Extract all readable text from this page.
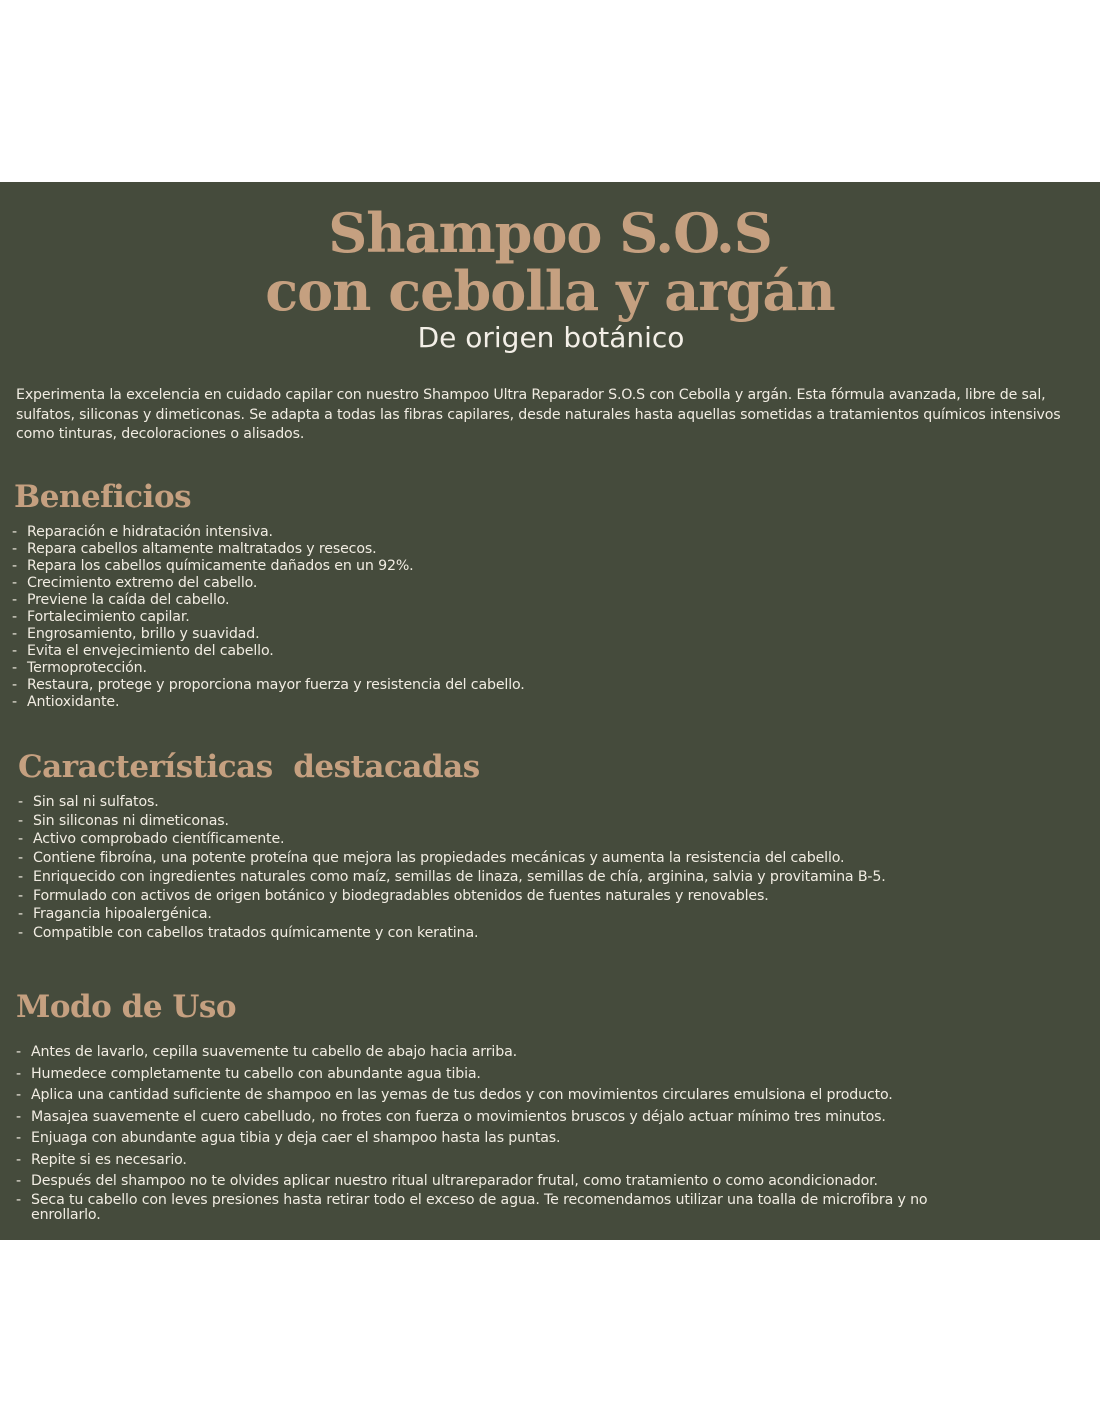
Shampoo S.O.S
con cebolla y argán
De origen botánico

Experimenta la excelencia en cuidado capilar con nuestro Shampoo Ultra Reparador S.O.S con Cebolla y argán. Esta fórmula avanzada, libre de sal, sulfatos, siliconas y dimeticonas. Se adapta a todas las fibras capilares, desde naturales hasta aquellas sometidas a tratamientos químicos intensivos como tinturas, decoloraciones o alisados.

Beneficios
- Reparación e hidratación intensiva.
- Repara cabellos altamente maltratados y resecos.
- Repara los cabellos químicamente dañados en un 92%.
- Crecimiento extremo del cabello.
- Previene la caída del cabello.
- Fortalecimiento capilar.
- Engrosamiento, brillo y suavidad.
- Evita el envejecimiento del cabello.
- Termoprotección.
- Restaura, protege y proporciona mayor fuerza y resistencia del cabello.
- Antioxidante.
Características  destacadas
- Sin sal ni sulfatos.
- Sin siliconas ni dimeticonas.
- Activo comprobado científicamente.
- Contiene fibroína, una potente proteína que mejora las propiedades mecánicas y aumenta la resistencia del cabello.
- Enriquecido con ingredientes naturales como maíz, semillas de linaza, semillas de chía, arginina, salvia y provitamina B-5.
- Formulado con activos de origen botánico y biodegradables obtenidos de fuentes naturales y renovables.
- Fragancia hipoalergénica.
- Compatible con cabellos tratados químicamente y con keratina.
Modo de Uso
- Antes de lavarlo, cepilla suavemente tu cabello de abajo hacia arriba.
- Humedece completamente tu cabello con abundante agua tibia.
- Aplica una cantidad suficiente de shampoo en las yemas de tus dedos y con movimientos circulares emulsiona el producto.
- Masajea suavemente el cuero cabelludo, no frotes con fuerza o movimientos bruscos y déjalo actuar mínimo tres minutos.
- Enjuaga con abundante agua tibia y deja caer el shampoo hasta las puntas.
- Repite si es necesario.
- Después del shampoo no te olvides aplicar nuestro ritual ultrareparador frutal, como tratamiento o como acondicionador.
- Seca tu cabello con leves presiones hasta retirar todo el exceso de agua. Te recomendamos utilizar una toalla de microfibra y no enrollarlo.
